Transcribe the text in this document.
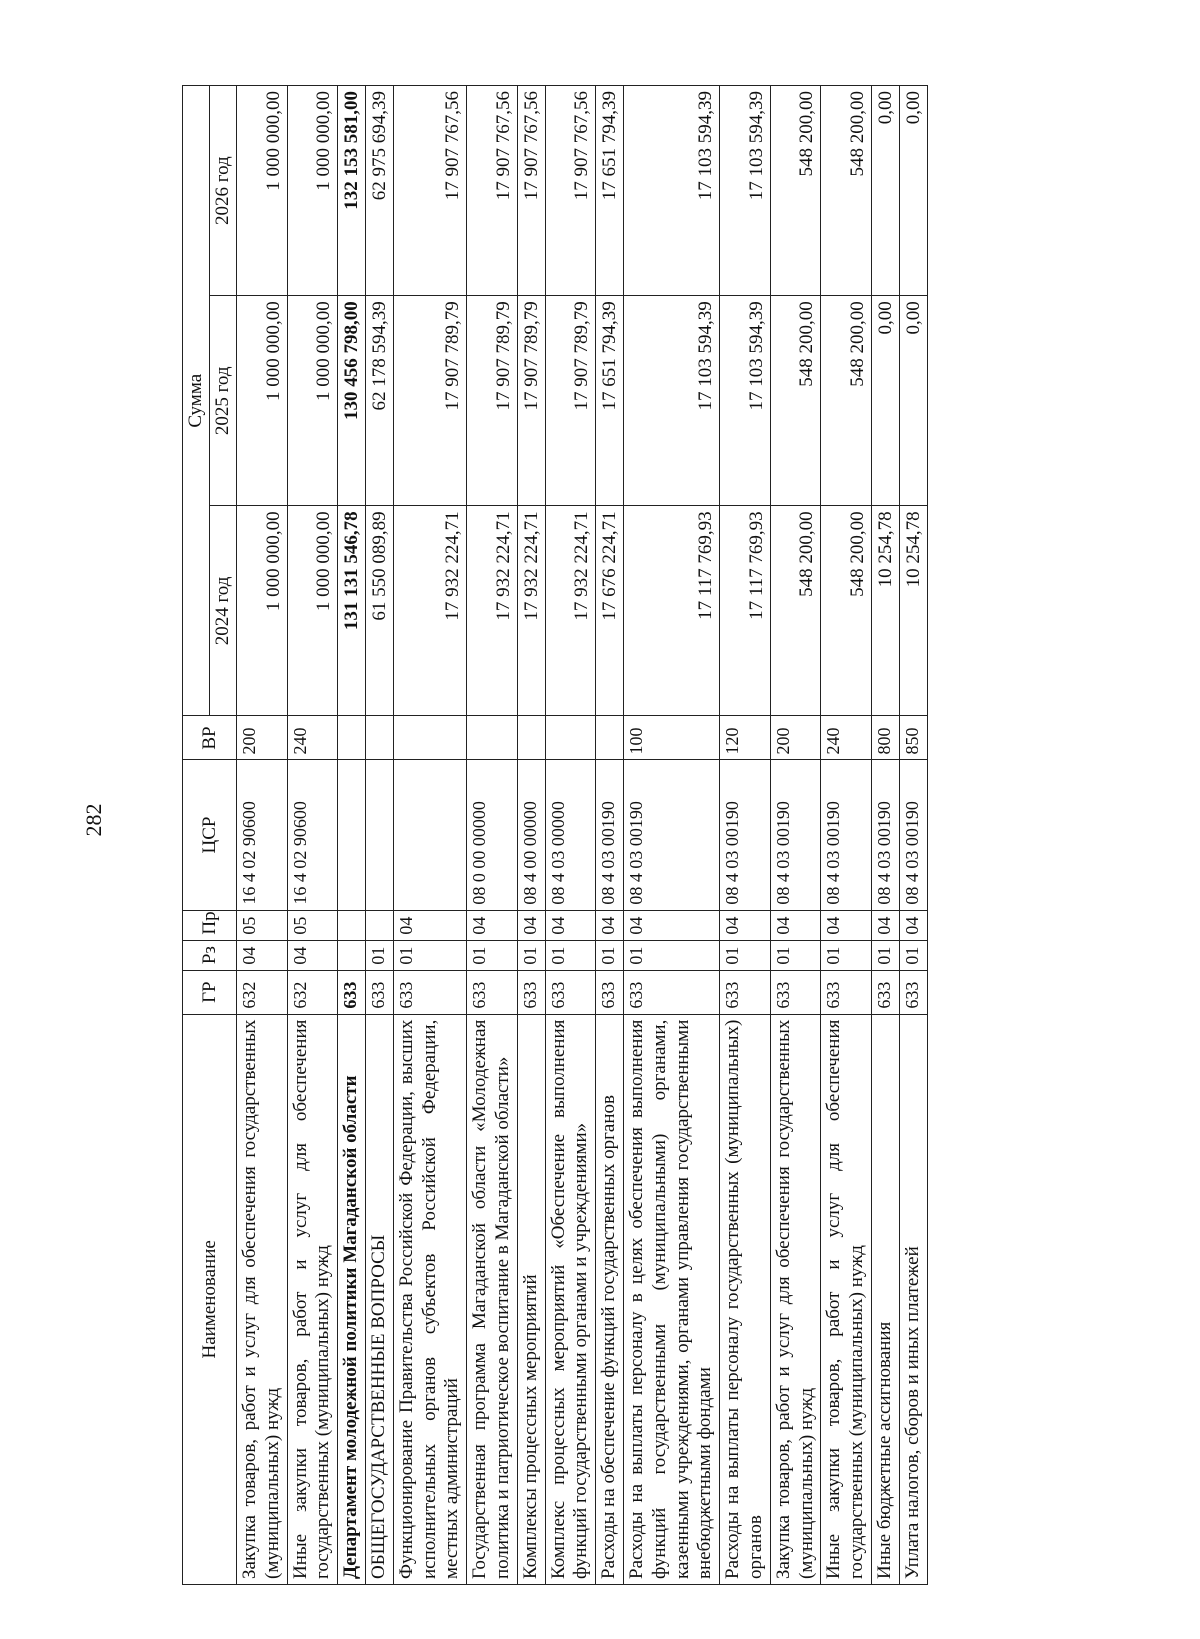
282
Наименование	ГР	Рз	Пр	ЦСР	ВР	Сумма		
						2024 год	2025 год	2026 год
Закупка товаров, работ и услуг для обеспечения государственных (муниципальных) нужд	632	04	05	16 4 02 90600	200	1 000 000,00	1 000 000,00	1 000 000,00
Иные закупки товаров, работ и услуг для обеспечения государственных (муниципальных) нужд	632	04	05	16 4 02 90600	240	1 000 000,00	1 000 000,00	1 000 000,00
Департамент молодежной политики Магаданской области	633					131 131 546,78	130 456 798,00	132 153 581,00
ОБЩЕГОСУДАРСТВЕННЫЕ ВОПРОСЫ	633	01				61 550 089,89	62 178 594,39	62 975 694,39
Функционирование Правительства Российской Федерации, высших исполнительных органов субъектов Российской Федерации, местных администраций	633	01	04			17 932 224,71	17 907 789,79	17 907 767,56
Государственная программа Магаданской области «Молодежная политика и патриотическое воспитание в Магаданской области»	633	01	04	08 0 00 00000		17 932 224,71	17 907 789,79	17 907 767,56
Комплексы процессных мероприятий	633	01	04	08 4 00 00000		17 932 224,71	17 907 789,79	17 907 767,56
Комплекс процессных мероприятий «Обеспечение выполнения функций государственными органами и учреждениями»	633	01	04	08 4 03 00000		17 932 224,71	17 907 789,79	17 907 767,56
Расходы на обеспечение функций государственных органов	633	01	04	08 4 03 00190		17 676 224,71	17 651 794,39	17 651 794,39
Расходы на выплаты персоналу в целях обеспечения выполнения функций государственными (муниципальными) органами, казенными учреждениями, органами управления государственными внебюджетными фондами	633	01	04	08 4 03 00190	100	17 117 769,93	17 103 594,39	17 103 594,39
Расходы на выплаты персоналу государственных (муниципальных) органов	633	01	04	08 4 03 00190	120	17 117 769,93	17 103 594,39	17 103 594,39
Закупка товаров, работ и услуг для обеспечения государственных (муниципальных) нужд	633	01	04	08 4 03 00190	200	548 200,00	548 200,00	548 200,00
Иные закупки товаров, работ и услуг для обеспечения государственных (муниципальных) нужд	633	01	04	08 4 03 00190	240	548 200,00	548 200,00	548 200,00
Иные бюджетные ассигнования	633	01	04	08 4 03 00190	800	10 254,78	0,00	0,00
Уплата налогов, сборов и иных платежей	633	01	04	08 4 03 00190	850	10 254,78	0,00	0,00
